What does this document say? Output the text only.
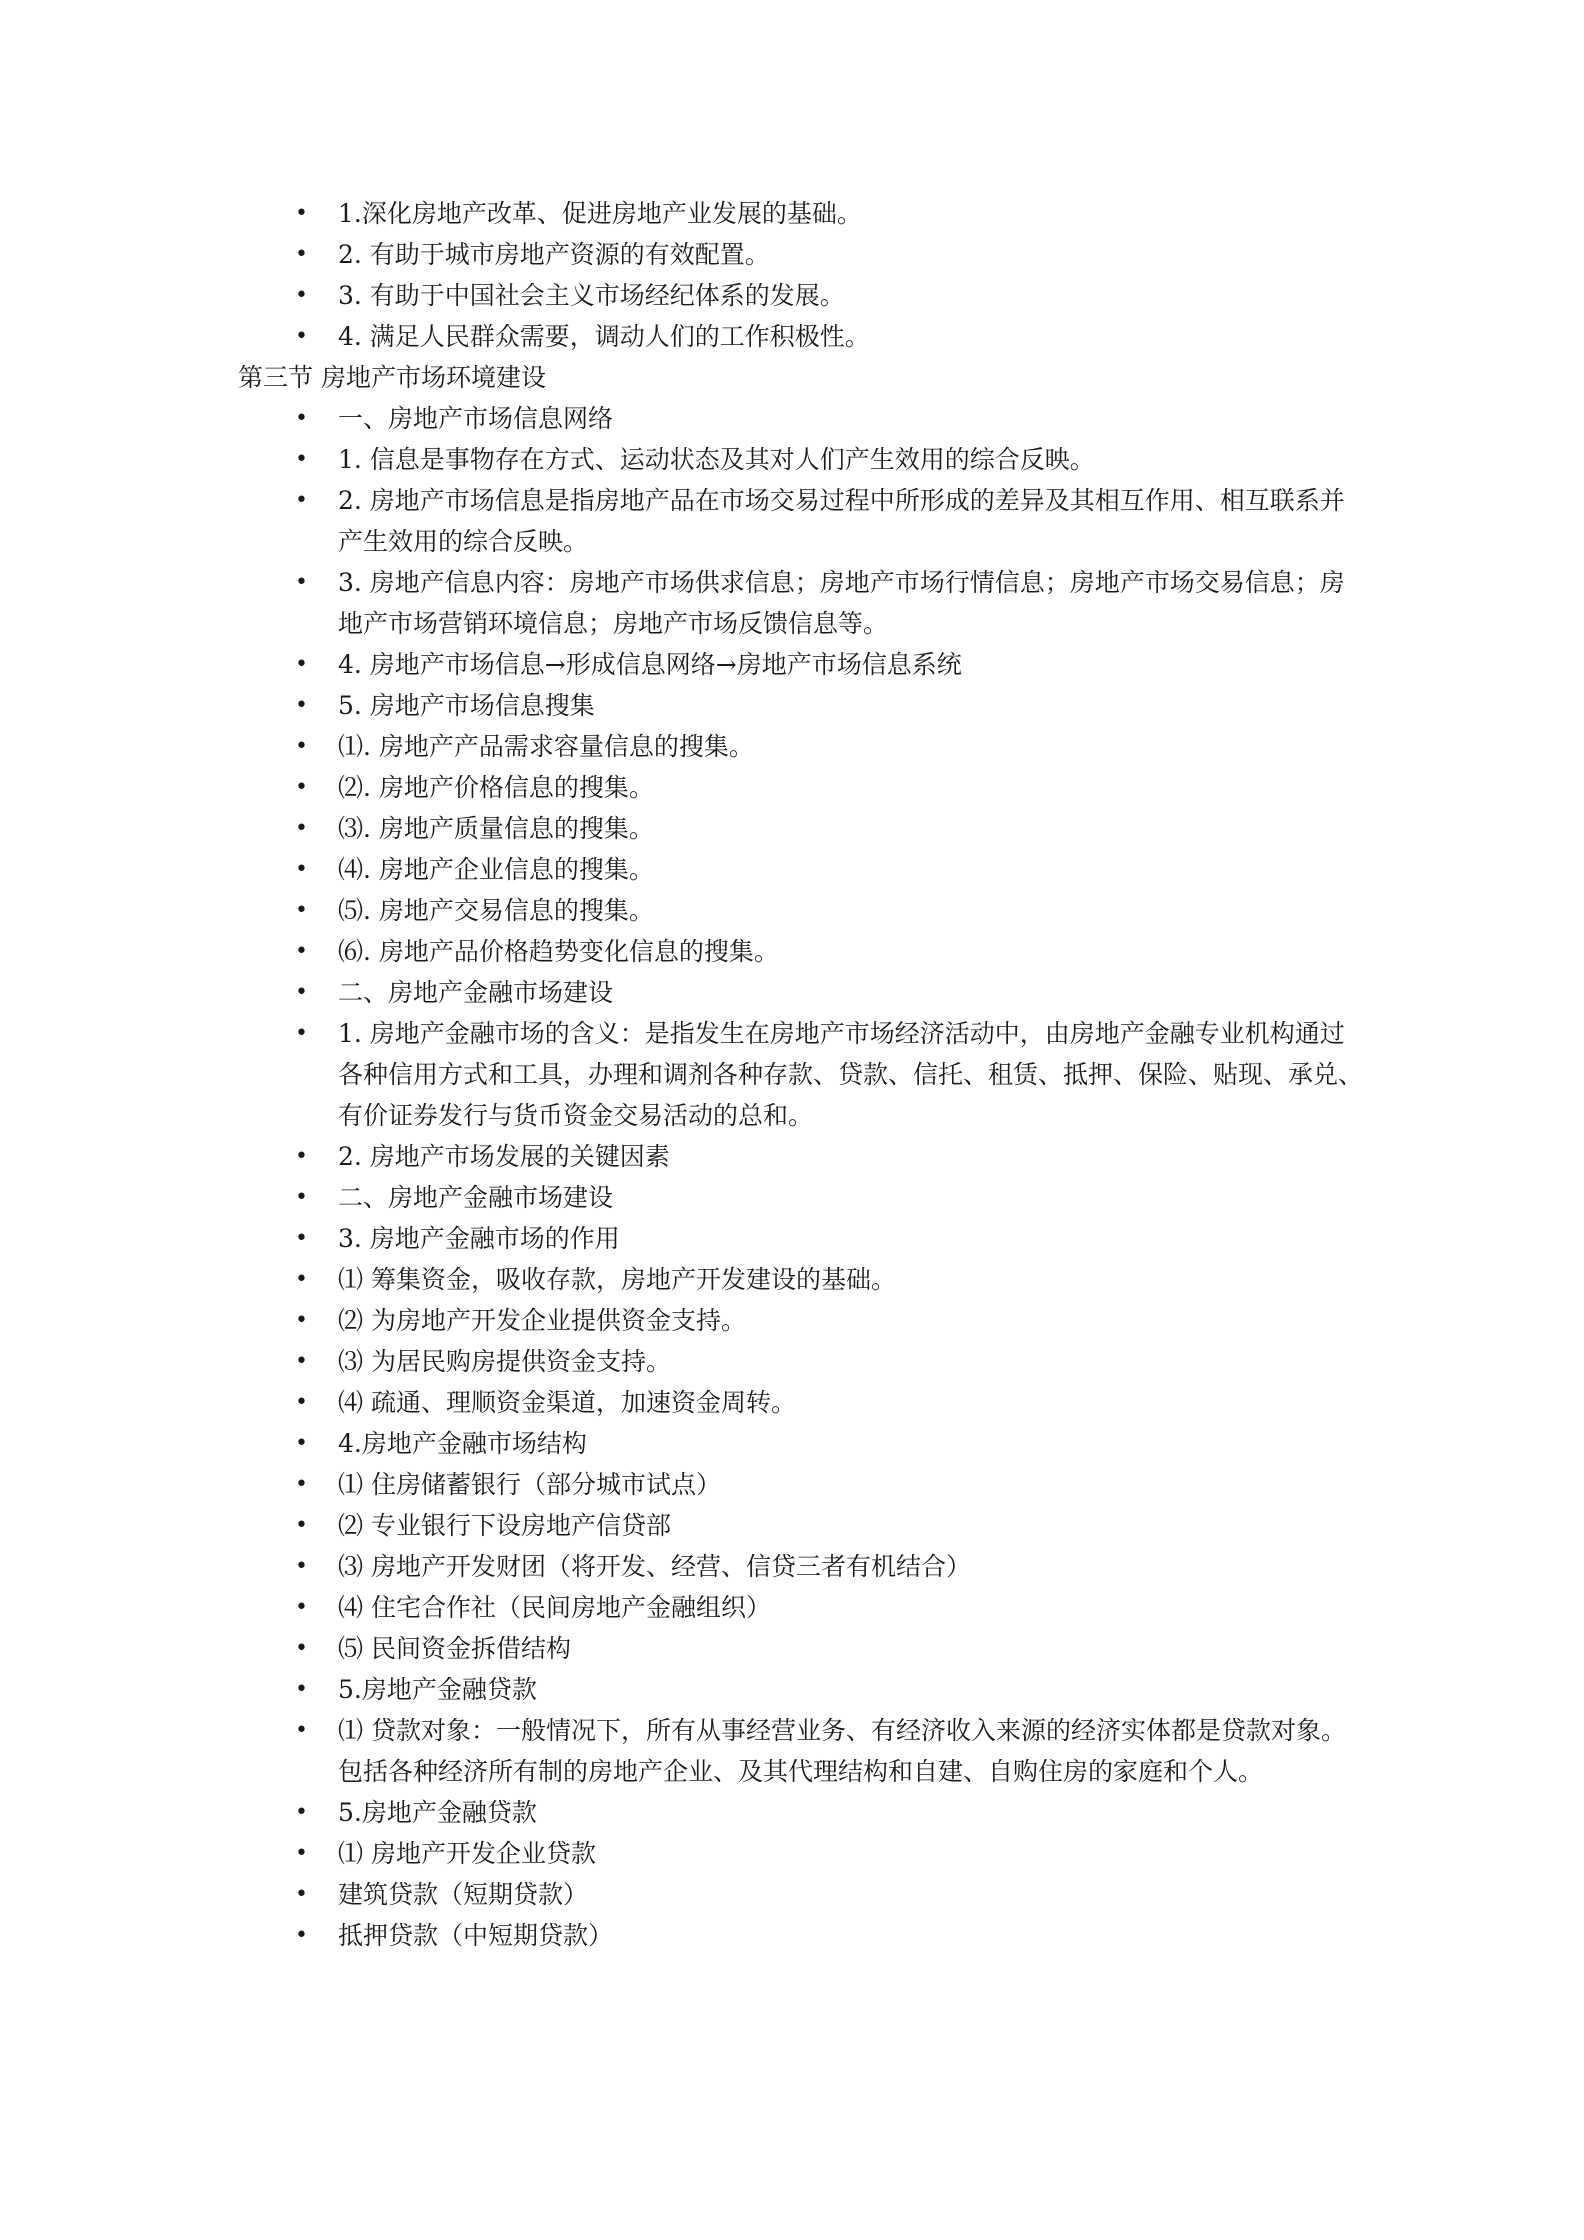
• 1.深化房地产改革、促进房地产业发展的基础。
• 2. 有助于城市房地产资源的有效配置。
• 3. 有助于中国社会主义市场经纪体系的发展。
• 4. 满足人民群众需要，调动人们的工作积极性。
第三节 房地产市场环境建设
• 一、房地产市场信息网络
• 1. 信息是事物存在方式、运动状态及其对人们产生效用的综合反映。
• 2. 房地产市场信息是指房地产品在市场交易过程中所形成的差异及其相互作用、相互联系并产生效用的综合反映。
• 3. 房地产信息内容：房地产市场供求信息；房地产市场行情信息；房地产市场交易信息；房地产市场营销环境信息；房地产市场反馈信息等。
• 4. 房地产市场信息→形成信息网络→房地产市场信息系统
• 5. 房地产市场信息搜集
• ⑴. 房地产产品需求容量信息的搜集。
• ⑵. 房地产价格信息的搜集。
• ⑶. 房地产质量信息的搜集。
• ⑷. 房地产企业信息的搜集。
• ⑸. 房地产交易信息的搜集。
• ⑹. 房地产品价格趋势变化信息的搜集。
• 二、房地产金融市场建设
• 1. 房地产金融市场的含义：是指发生在房地产市场经济活动中，由房地产金融专业机构通过各种信用方式和工具，办理和调剂各种存款、贷款、信托、租赁、抵押、保险、贴现、承兑、有价证券发行与货币资金交易活动的总和。
• 2. 房地产市场发展的关键因素
• 二、房地产金融市场建设
• 3. 房地产金融市场的作用
• ⑴ 筹集资金，吸收存款，房地产开发建设的基础。
• ⑵ 为房地产开发企业提供资金支持。
• ⑶ 为居民购房提供资金支持。
• ⑷ 疏通、理顺资金渠道，加速资金周转。
• 4.房地产金融市场结构
• ⑴ 住房储蓄银行（部分城市试点）
• ⑵ 专业银行下设房地产信贷部
• ⑶ 房地产开发财团（将开发、经营、信贷三者有机结合）
• ⑷ 住宅合作社（民间房地产金融组织）
• ⑸ 民间资金拆借结构
• 5.房地产金融贷款
• ⑴ 贷款对象：一般情况下，所有从事经营业务、有经济收入来源的经济实体都是贷款对象。包括各种经济所有制的房地产企业、及其代理结构和自建、自购住房的家庭和个人。
• 5.房地产金融贷款
• ⑴ 房地产开发企业贷款
• 建筑贷款（短期贷款）
• 抵押贷款（中短期贷款）
